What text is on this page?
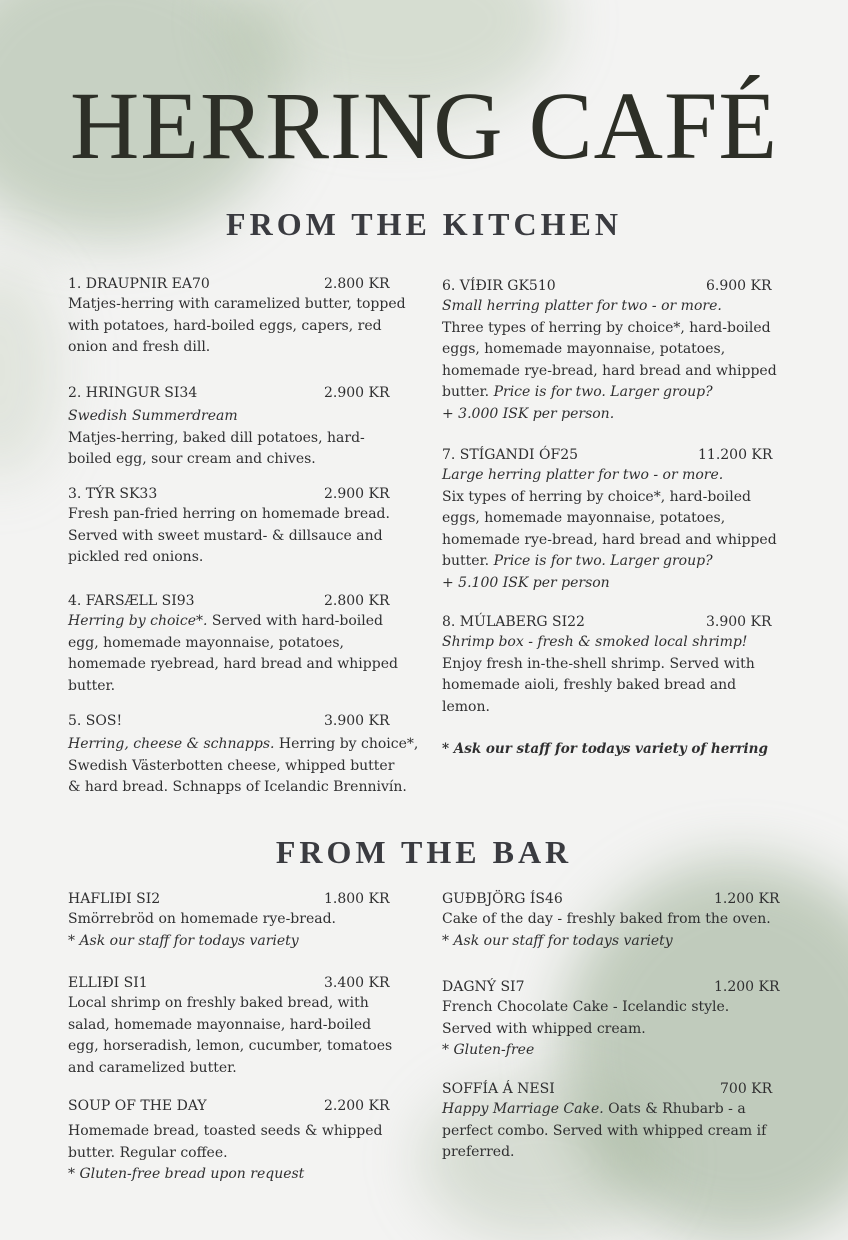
HERRING CAFÉ
FROM THE KITCHEN
1. DRAUPNIR EA70	2.800 KR
Matjes-herring with caramelized butter, topped
with potatoes, hard-boiled eggs, capers, red
onion and fresh dill.
2. HRINGUR SI34	2.900 KR
Swedish Summerdream
Matjes-herring, baked dill potatoes, hard-
boiled egg, sour cream and chives.
3. TÝR SK33	2.900 KR
Fresh pan-fried herring on homemade bread.
Served with sweet mustard- & dillsauce and
pickled red onions.
4. FARSÆLL SI93	2.800 KR
Herring by choice*. Served with hard-boiled
egg, homemade mayonnaise, potatoes,
homemade ryebread, hard bread and whipped
butter.
5. SOS!	3.900 KR
Herring, cheese & schnapps. Herring by choice*,
Swedish Västerbotten cheese, whipped butter
& hard bread. Schnapps of Icelandic Brennivín.
6. VÍÐIR GK510	6.900 KR
Small herring platter for two - or more.
Three types of herring by choice*, hard-boiled
eggs, homemade mayonnaise, potatoes,
homemade rye-bread, hard bread and whipped
butter. Price is for two. Larger group?
+ 3.000 ISK per person.
7. STÍGANDI ÓF25	11.200 KR
Large herring platter for two - or more.
Six types of herring by choice*, hard-boiled
eggs, homemade mayonnaise, potatoes,
homemade rye-bread, hard bread and whipped
butter. Price is for two. Larger group?
+ 5.100 ISK per person
8. MÚLABERG SI22	3.900 KR
Shrimp box - fresh & smoked local shrimp!
Enjoy fresh in-the-shell shrimp. Served with
homemade aioli, freshly baked bread and
lemon.
* Ask our staff for todays variety of herring
FROM THE BAR
HAFLIÐI SI2	1.800 KR
Smörrebröd on homemade rye-bread.
* Ask our staff for todays variety
ELLIÐI SI1	3.400 KR
Local shrimp on freshly baked bread, with
salad, homemade mayonnaise, hard-boiled
egg, horseradish, lemon, cucumber, tomatoes
and caramelized butter.
SOUP OF THE DAY	2.200 KR
Homemade bread, toasted seeds & whipped
butter. Regular coffee.
* Gluten-free bread upon request
GUÐBJÖRG ÍS46	1.200 KR
Cake of the day - freshly baked from the oven.
* Ask our staff for todays variety
DAGNÝ SI7	1.200 KR
French Chocolate Cake - Icelandic style.
Served with whipped cream.
* Gluten-free
SOFFÍA Á NESI	700 KR
Happy Marriage Cake. Oats & Rhubarb - a
perfect combo. Served with whipped cream if
preferred.
